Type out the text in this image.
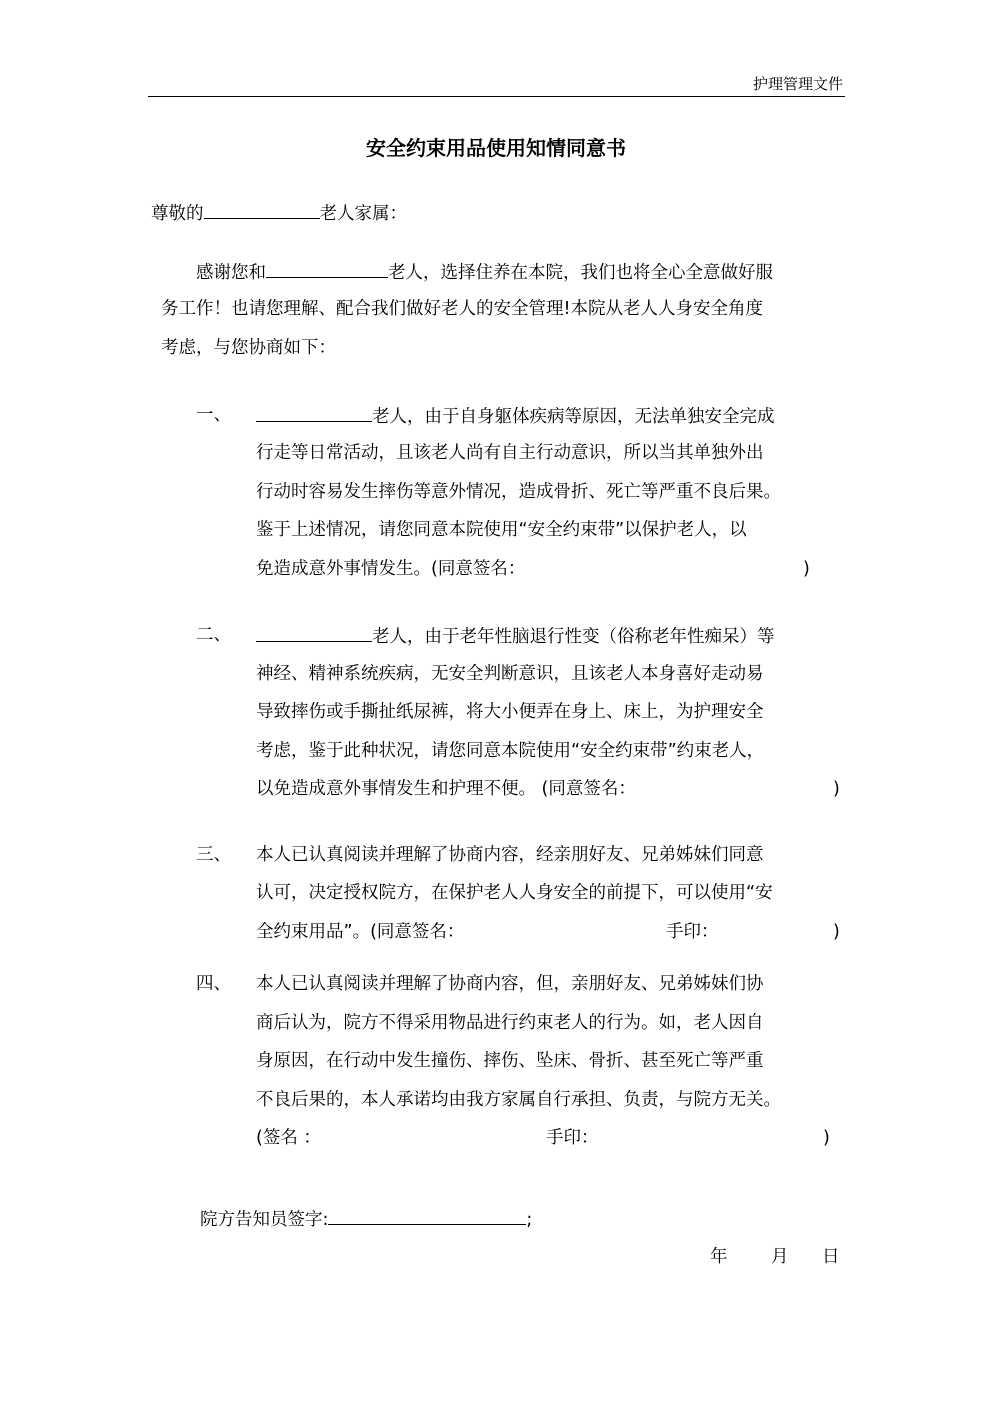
护理管理文件
安全约束用品使用知情同意书
尊敬的	老人家属：
感谢您和	老人，选择住养在本院，我们也将全心全意做好服
务工作！也请您理解、配合我们做好老人的安全管理!本院从老人人身安全角度
考虑，与您协商如下：
一、	老人，由于自身躯体疾病等原因，无法单独安全完成
行走等日常活动，且该老人尚有自主行动意识，所以当其单独外出
行动时容易发生摔伤等意外情况，造成骨折、死亡等严重不良后果。
鉴于上述情况，请您同意本院使用“安全约束带”以保护老人，以
免造成意外事情发生。(同意签名：	)
二、	老人，由于老年性脑退行性变（俗称老年性痴呆）等
神经、精神系统疾病，无安全判断意识，且该老人本身喜好走动易
导致摔伤或手撕扯纸尿裤，将大小便弄在身上、床上，为护理安全
考虑，鉴于此种状况，请您同意本院使用“安全约束带”约束老人，
以免造成意外事情发生和护理不便。 (同意签名：	)
三、 本人已认真阅读并理解了协商内容，经亲朋好友、兄弟姊妹们同意
认可，决定授权院方，在保护老人人身安全的前提下，可以使用“安
全约束用品”。(同意签名：	手印：	)
四、 本人已认真阅读并理解了协商内容，但，亲朋好友、兄弟姊妹们协
商后认为，院方不得采用物品进行约束老人的行为。如，老人因自
身原因，在行动中发生撞伤、摔伤、坠床、骨折、甚至死亡等严重
不良后果的，本人承诺均由我方家属自行承担、负责，与院方无关。
(签名 ：	手印：	)
院方告知员签字:	;
年 月 日
